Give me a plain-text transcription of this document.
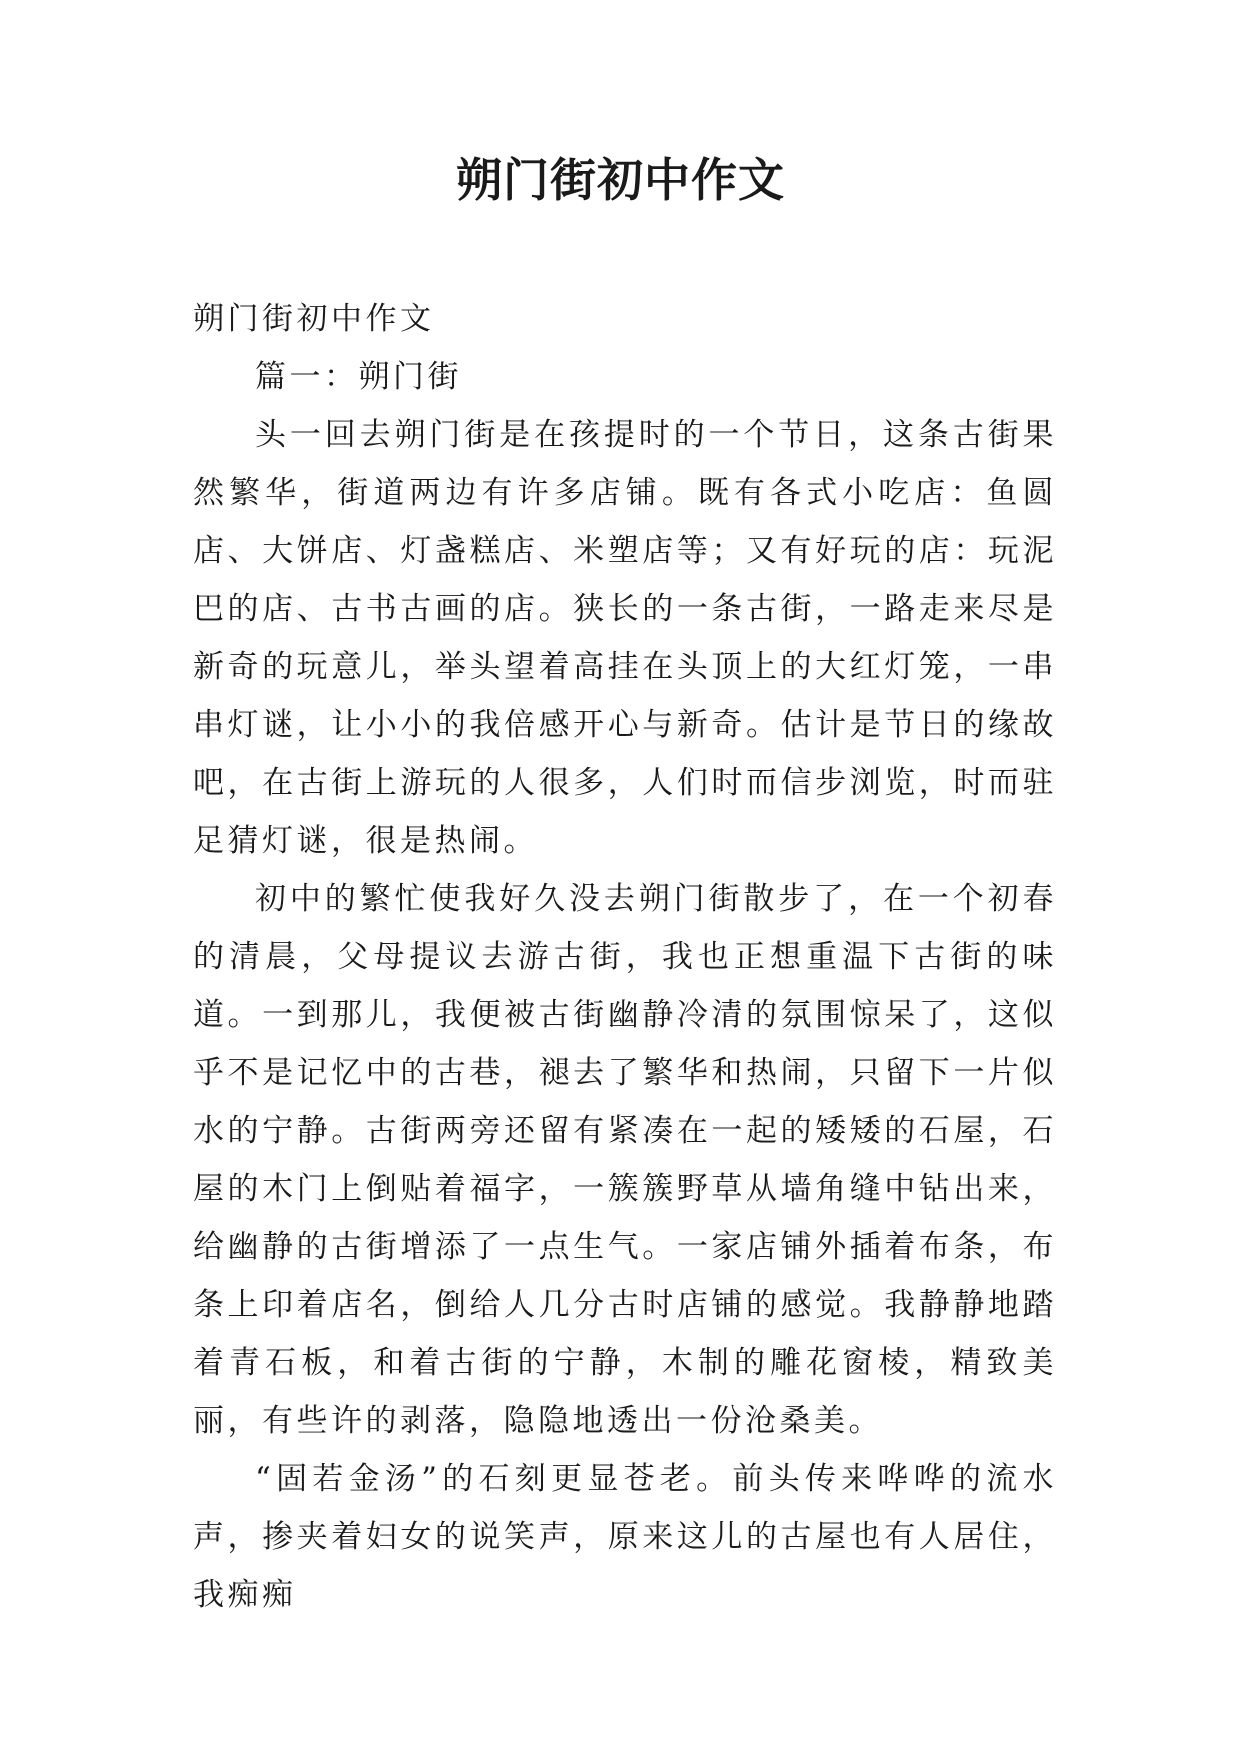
朔门街初中作文

朔门街初中作文

篇一：朔门街

头一回去朔门街是在孩提时的一个节日，这条古街果然繁华，街道两边有许多店铺。既有各式小吃店：鱼圆店、大饼店、灯盏糕店、米塑店等；又有好玩的店：玩泥巴的店、古书古画的店。狭长的一条古街，一路走来尽是新奇的玩意儿，举头望着高挂在头顶上的大红灯笼，一串串灯谜，让小小的我倍感开心与新奇。估计是节日的缘故吧，在古街上游玩的人很多，人们时而信步浏览，时而驻足猜灯谜，很是热闹。

初中的繁忙使我好久没去朔门街散步了，在一个初春的清晨，父母提议去游古街，我也正想重温下古街的味道。一到那儿，我便被古街幽静冷清的氛围惊呆了，这似乎不是记忆中的古巷，褪去了繁华和热闹，只留下一片似水的宁静。古街两旁还留有紧凑在一起的矮矮的石屋，石屋的木门上倒贴着福字，一簇簇野草从墙角缝中钻出来，给幽静的古街增添了一点生气。一家店铺外插着布条，布条上印着店名，倒给人几分古时店铺的感觉。我静静地踏着青石板，和着古街的宁静，木制的雕花窗棱，精致美丽，有些许的剥落，隐隐地透出一份沧桑美。

“固若金汤”的石刻更显苍老。前头传来哗哗的流水声，掺夹着妇女的说笑声，原来这儿的古屋也有人居住，我痴痴
